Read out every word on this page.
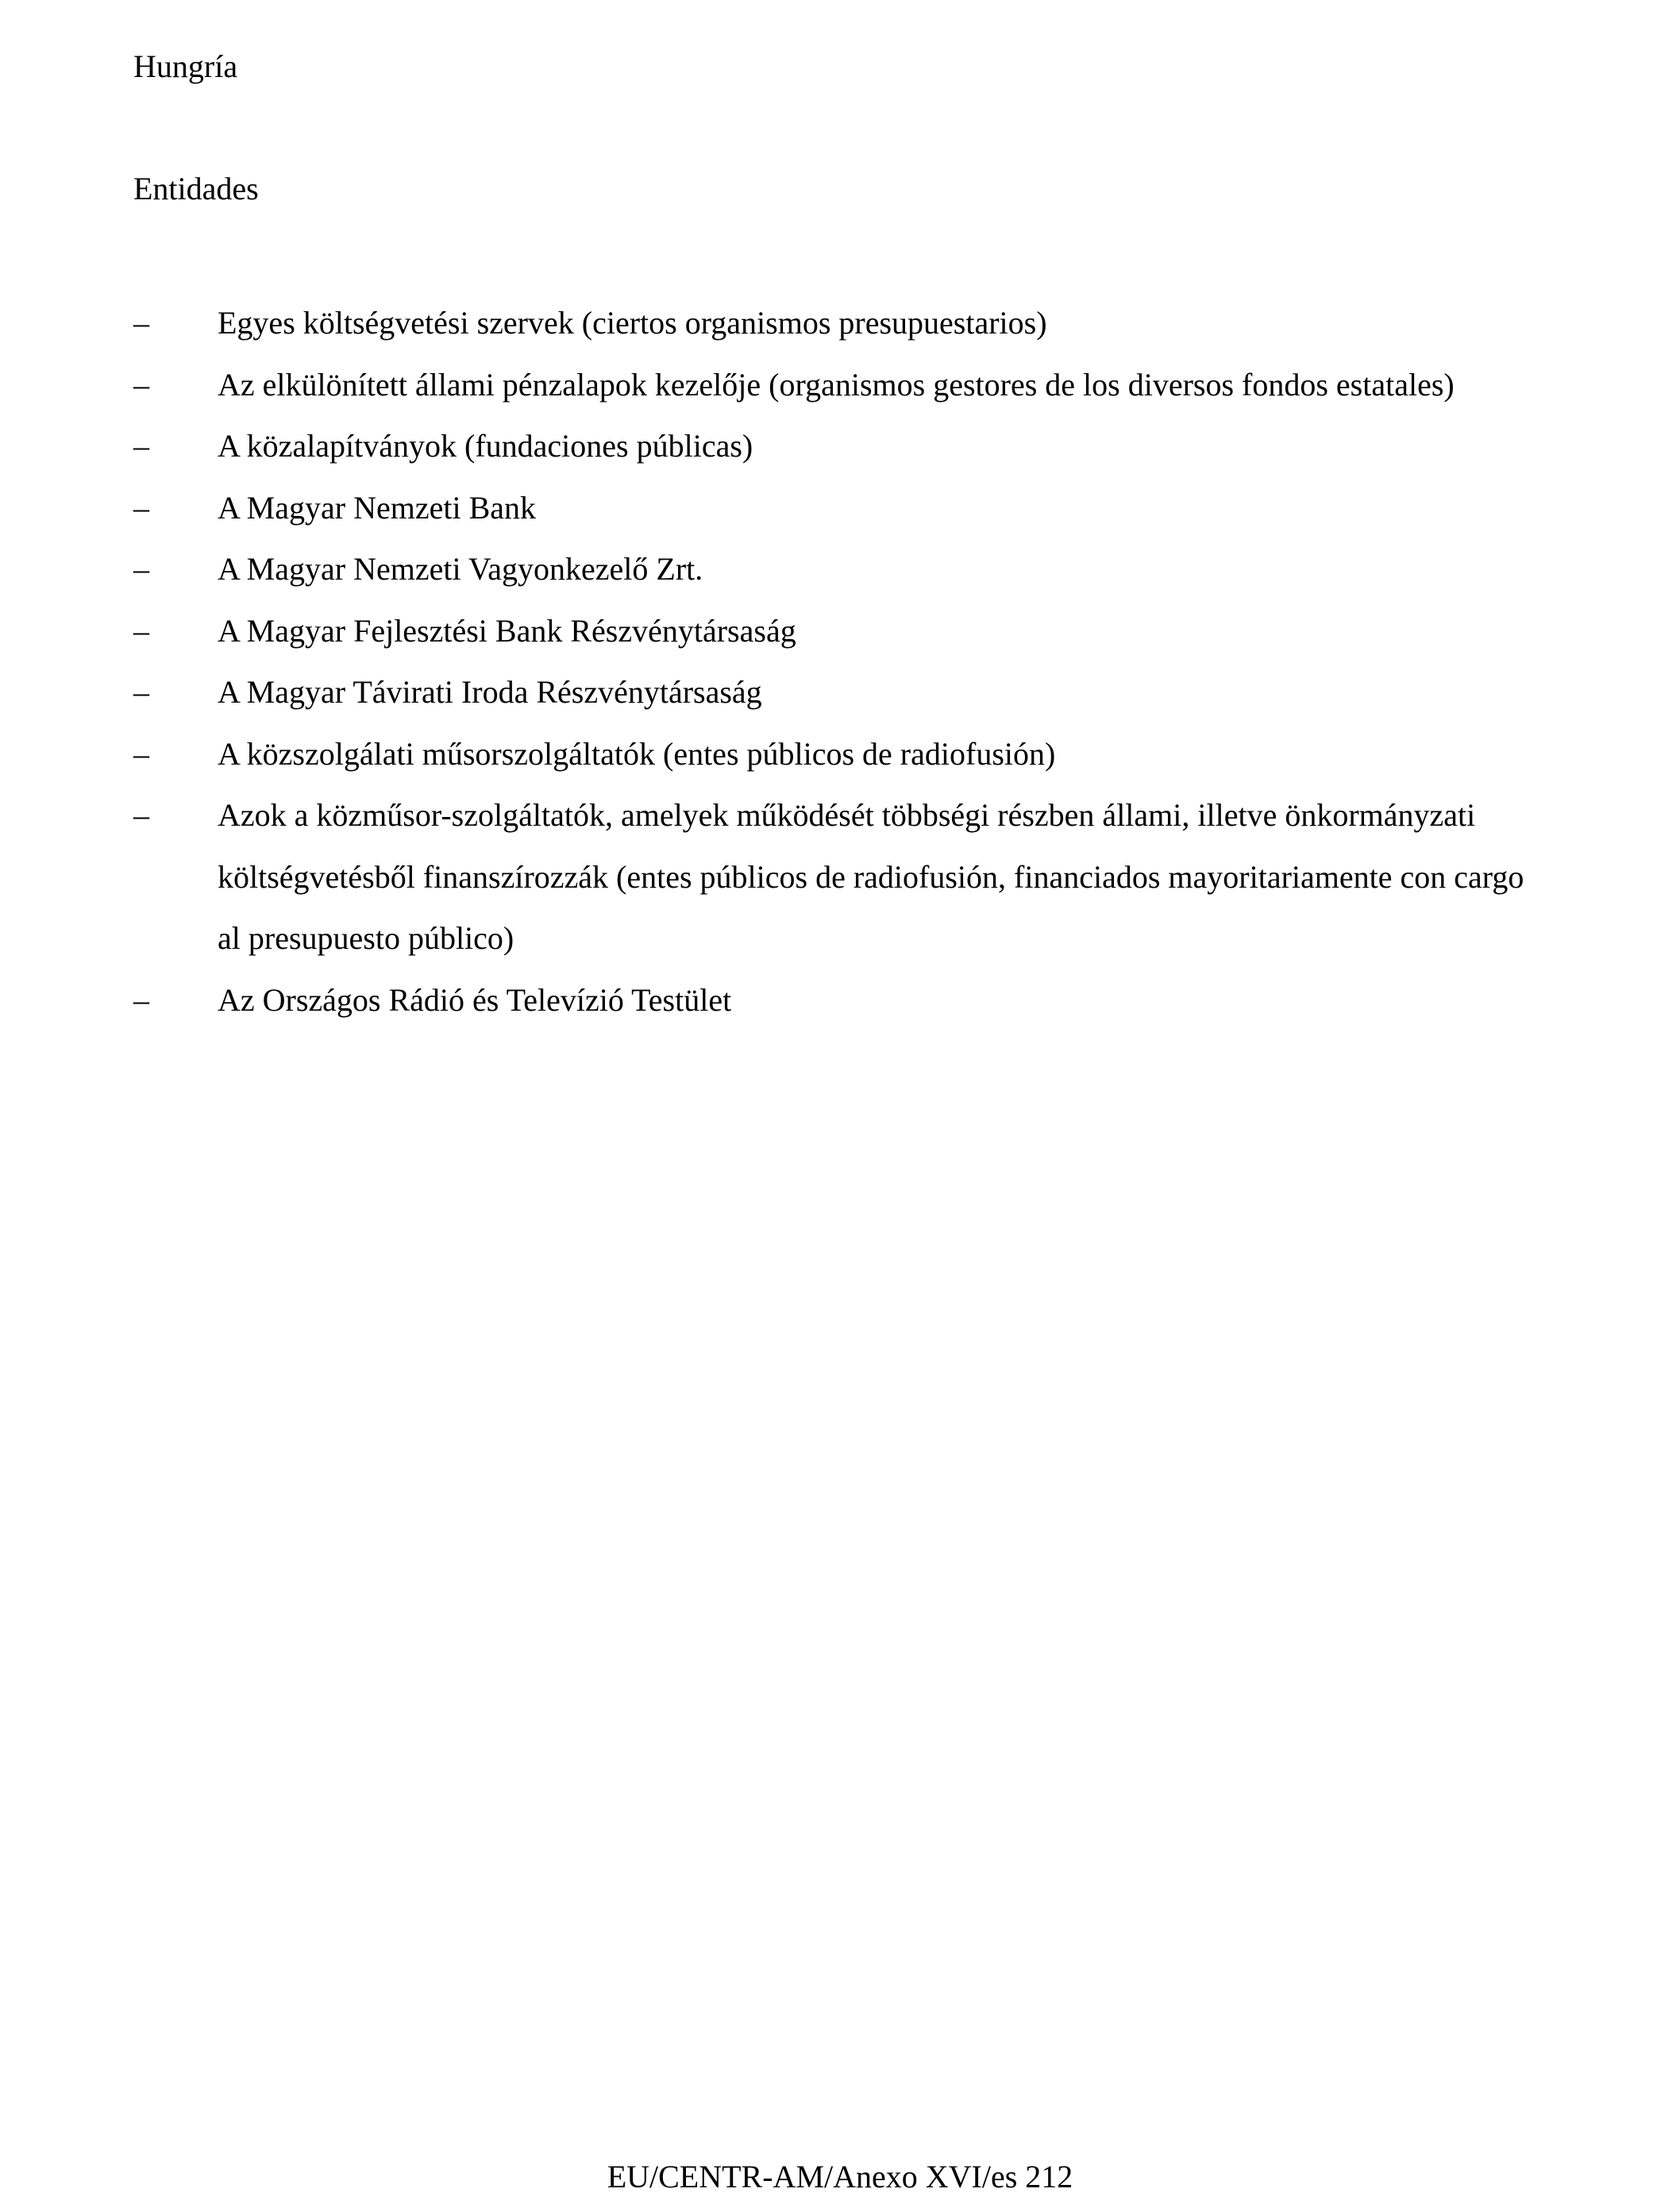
Hungría
Entidades
– Egyes költségvetési szervek (ciertos organismos presupuestarios)
– Az elkülönített állami pénzalapok kezelője (organismos gestores de los diversos fondos estatales)
– A közalapítványok (fundaciones públicas)
– A Magyar Nemzeti Bank
– A Magyar Nemzeti Vagyonkezelő Zrt.
– A Magyar Fejlesztési Bank Részvénytársaság
– A Magyar Távirati Iroda Részvénytársaság
– A közszolgálati műsorszolgáltatók (entes públicos de radiofusión)
– Azok a közműsor-szolgáltatók, amelyek működését többségi részben állami, illetve önkormányzati költségvetésből finanszírozzák (entes públicos de radiofusión, financiados mayoritariamente con cargo al presupuesto público)
– Az Országos Rádió és Televízió Testület
EU/CENTR-AM/Anexo XVI/es 212
